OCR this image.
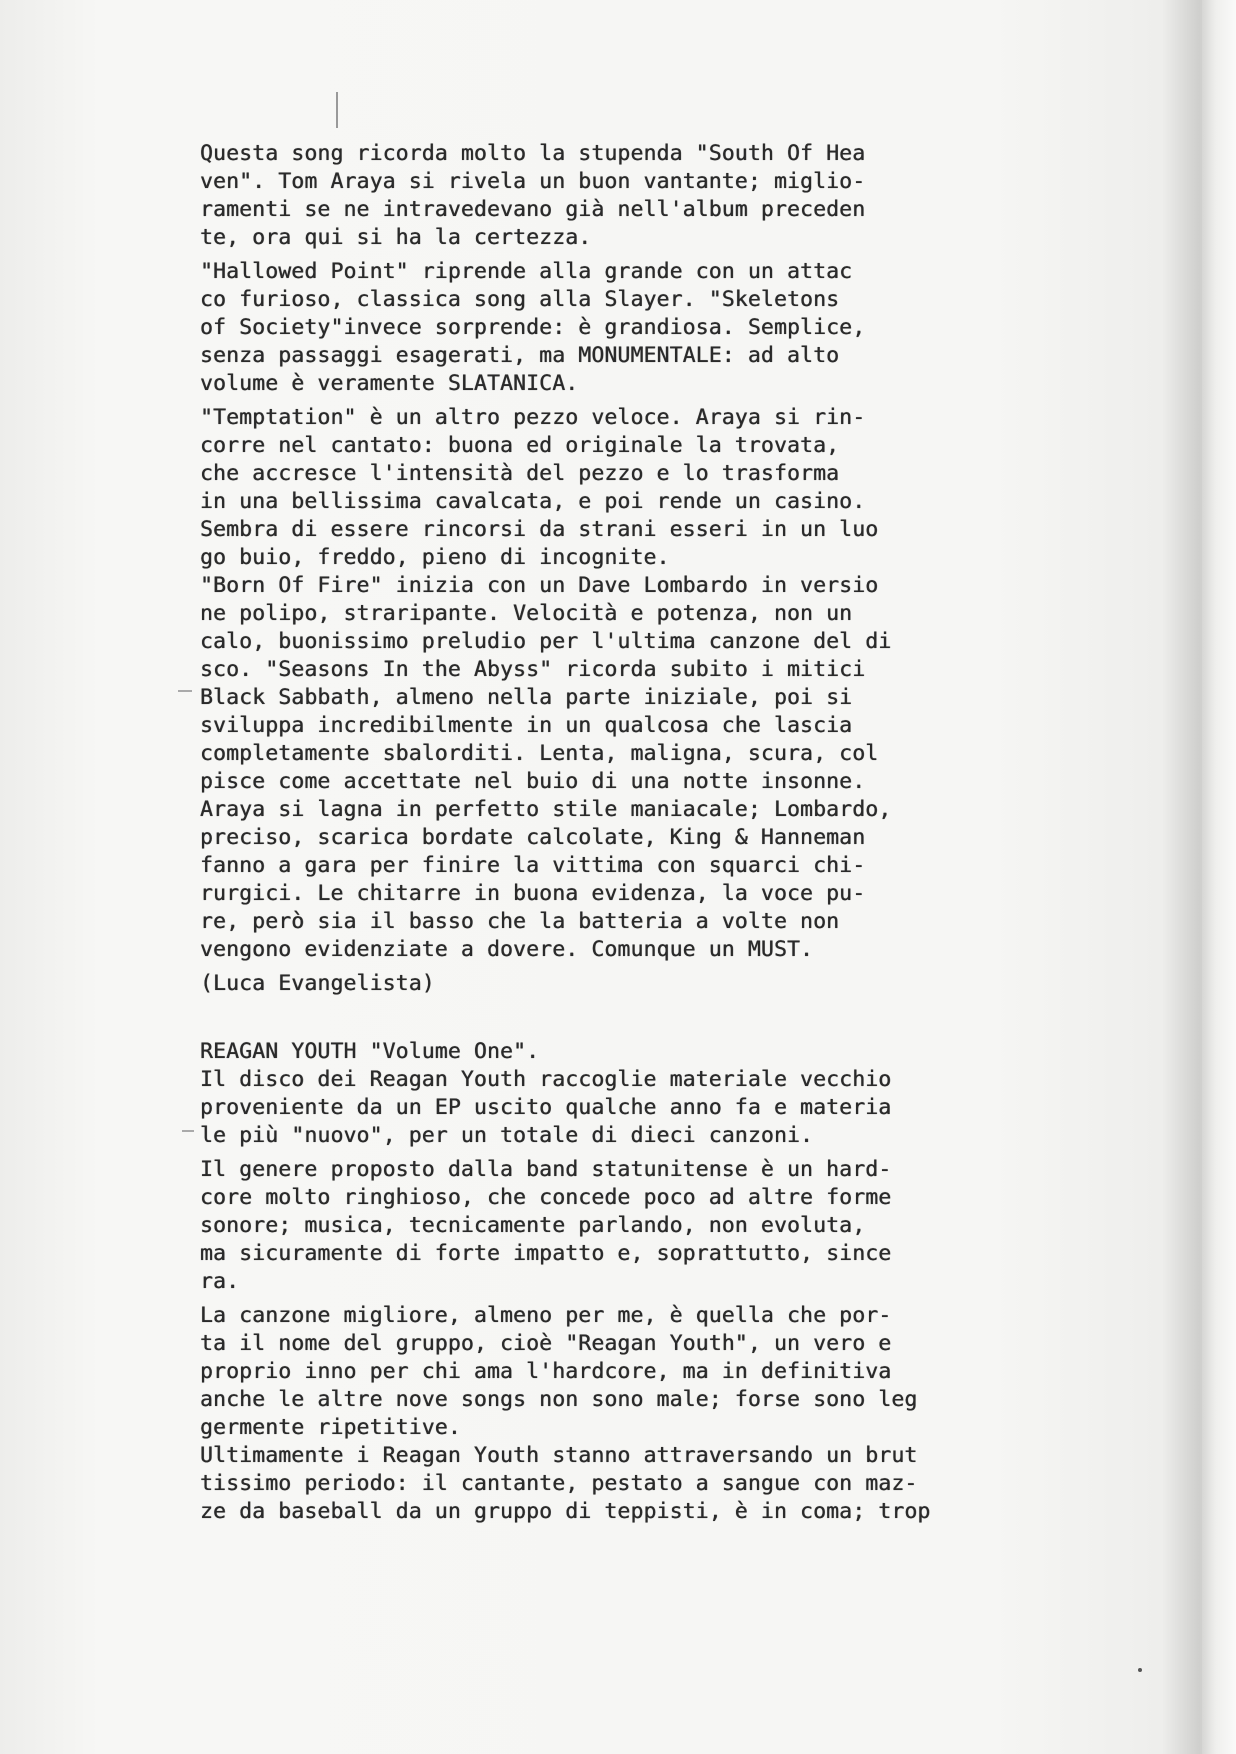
Questa song ricorda molto la stupenda "South Of Hea
ven". Tom Araya si rivela un buon vantante; miglio-
ramenti se ne intravedevano già nell'album preceden
te, ora qui si ha la certezza.
"Hallowed Point" riprende alla grande con un attac
co furioso, classica song alla Slayer. "Skeletons
of Society"invece sorprende: è grandiosa. Semplice,
senza passaggi esagerati, ma MONUMENTALE: ad alto
volume è veramente SLATANICA.
"Temptation" è un altro pezzo veloce. Araya si rin-
corre nel cantato: buona ed originale la trovata,
che accresce l'intensità del pezzo e lo trasforma
in una bellissima cavalcata, e poi rende un casino.
Sembra di essere rincorsi da strani esseri in un luo
go buio, freddo, pieno di incognite.
"Born Of Fire" inizia con un Dave Lombardo in versio
ne polipo, straripante. Velocità e potenza, non un
calo, buonissimo preludio per l'ultima canzone del di
sco. "Seasons In the Abyss" ricorda subito i mitici
Black Sabbath, almeno nella parte iniziale, poi si
sviluppa incredibilmente in un qualcosa che lascia
completamente sbalorditi. Lenta, maligna, scura, col
pisce come accettate nel buio di una notte insonne.
Araya si lagna in perfetto stile maniacale; Lombardo,
preciso, scarica bordate calcolate, King & Hanneman
fanno a gara per finire la vittima con squarci chi-
rurgici. Le chitarre in buona evidenza, la voce pu-
re, però sia il basso che la batteria a volte non
vengono evidenziate a dovere. Comunque un MUST.
(Luca Evangelista)
REAGAN YOUTH "Volume One".
Il disco dei Reagan Youth raccoglie materiale vecchio
proveniente da un EP uscito qualche anno fa e materia
le più "nuovo", per un totale di dieci canzoni.
Il genere proposto dalla band statunitense è un hard-
core molto ringhioso, che concede poco ad altre forme
sonore; musica, tecnicamente parlando, non evoluta,
ma sicuramente di forte impatto e, soprattutto, since
ra.
La canzone migliore, almeno per me, è quella che por-
ta il nome del gruppo, cioè "Reagan Youth", un vero e
proprio inno per chi ama l'hardcore, ma in definitiva
anche le altre nove songs non sono male; forse sono leg
germente ripetitive.
Ultimamente i Reagan Youth stanno attraversando un brut
tissimo periodo: il cantante, pestato a sangue con maz-
ze da baseball da un gruppo di teppisti, è in coma; trop
